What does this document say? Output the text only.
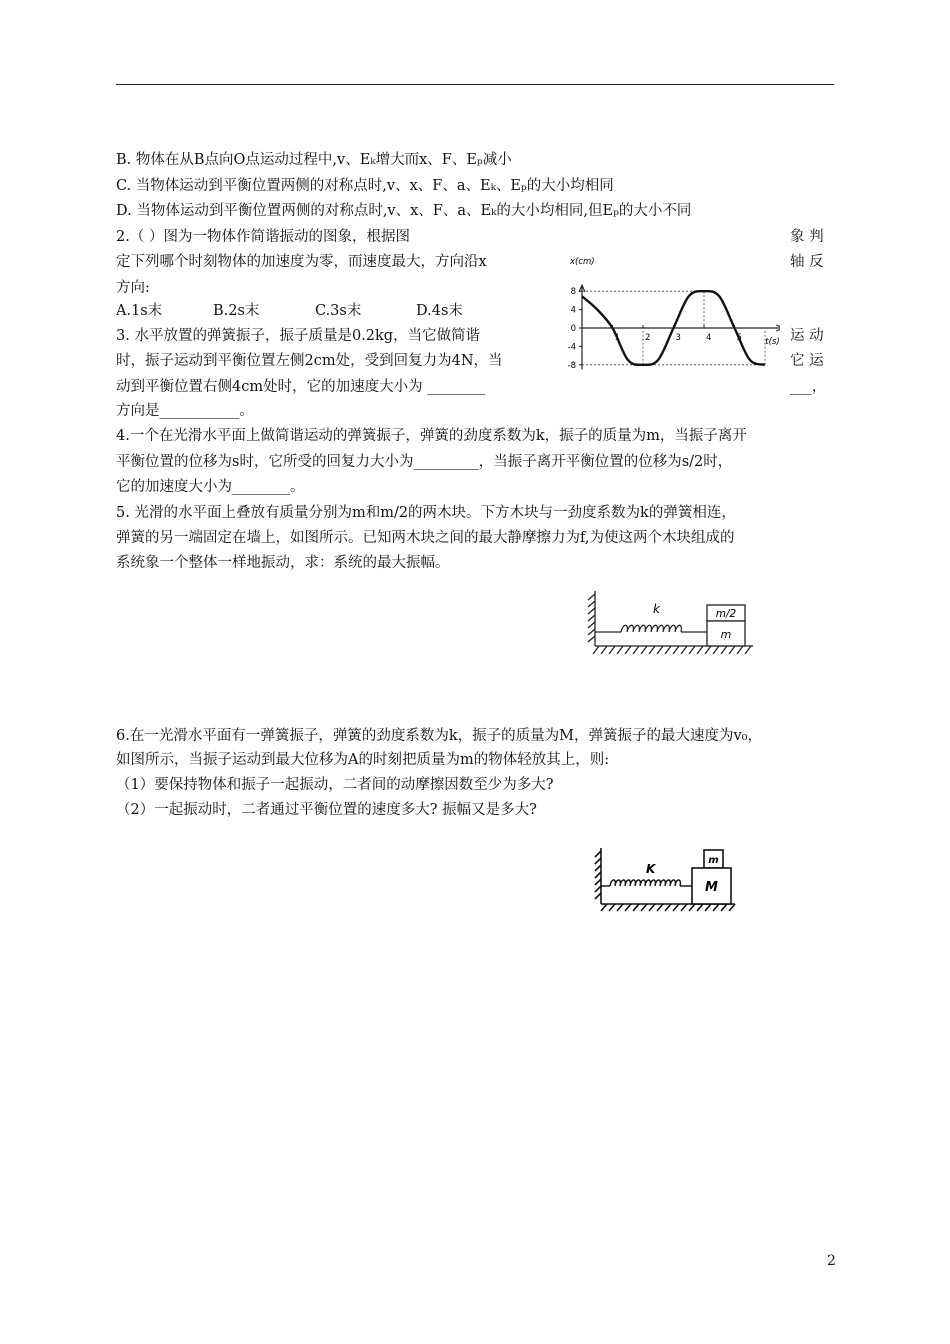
B. 物体在从B点向O点运动过程中,v、Eₖ增大而x、F、Eₚ减小
C. 当物体运动到平衡位置两侧的对称点时,v、x、F、a、Eₖ、Eₚ的大小均相同
D. 当物体运动到平衡位置两侧的对称点时,v、x、F、a、Eₖ的大小均相同,但Eₚ的大小不同
2.（ ）图为一物体作简谐振动的图象，根据图	象 判
定下列哪个时刻物体的加速度为零，而速度最大，方向沿x	轴 反
方向:
A.1s末	B.2s末	C.3s末	D.4s末
3. 水平放置的弹簧振子，振子质量是0.2kg，当它做简谐	运 动
时，振子运动到平衡位置左侧2cm处，受到回复力为4N，当	它 运
动到平衡位置右侧4cm处时，它的加速度大小为 ________	___，
方向是___________。
x(cm)
t(s)
8
4
0
-4
-8
1	2	3	4	5
4.一个在光滑水平面上做简谐运动的弹簧振子，弹簧的劲度系数为k，振子的质量为m，当振子离开
平衡位置的位移为s时，它所受的回复力大小为_________，当振子离开平衡位置的位移为s/2时，
它的加速度大小为________。
5. 光滑的水平面上叠放有质量分别为m和m/2的两木块。下方木块与一劲度系数为k的弹簧相连，
弹簧的另一端固定在墙上，如图所示。已知两木块之间的最大静摩擦力为f,为使这两个木块组成的
系统象一个整体一样地振动，求：系统的最大振幅。
k	m/2
m
6.在一光滑水平面有一弹簧振子，弹簧的劲度系数为k，振子的质量为M，弹簧振子的最大速度为v₀，
如图所示，当振子运动到最大位移为A的时刻把质量为m的物体轻放其上，则:
（1）要保持物体和振子一起振动，二者间的动摩擦因数至少为多大?
（2）一起振动时，二者通过平衡位置的速度多大? 振幅又是多大?
K
m
M
2
